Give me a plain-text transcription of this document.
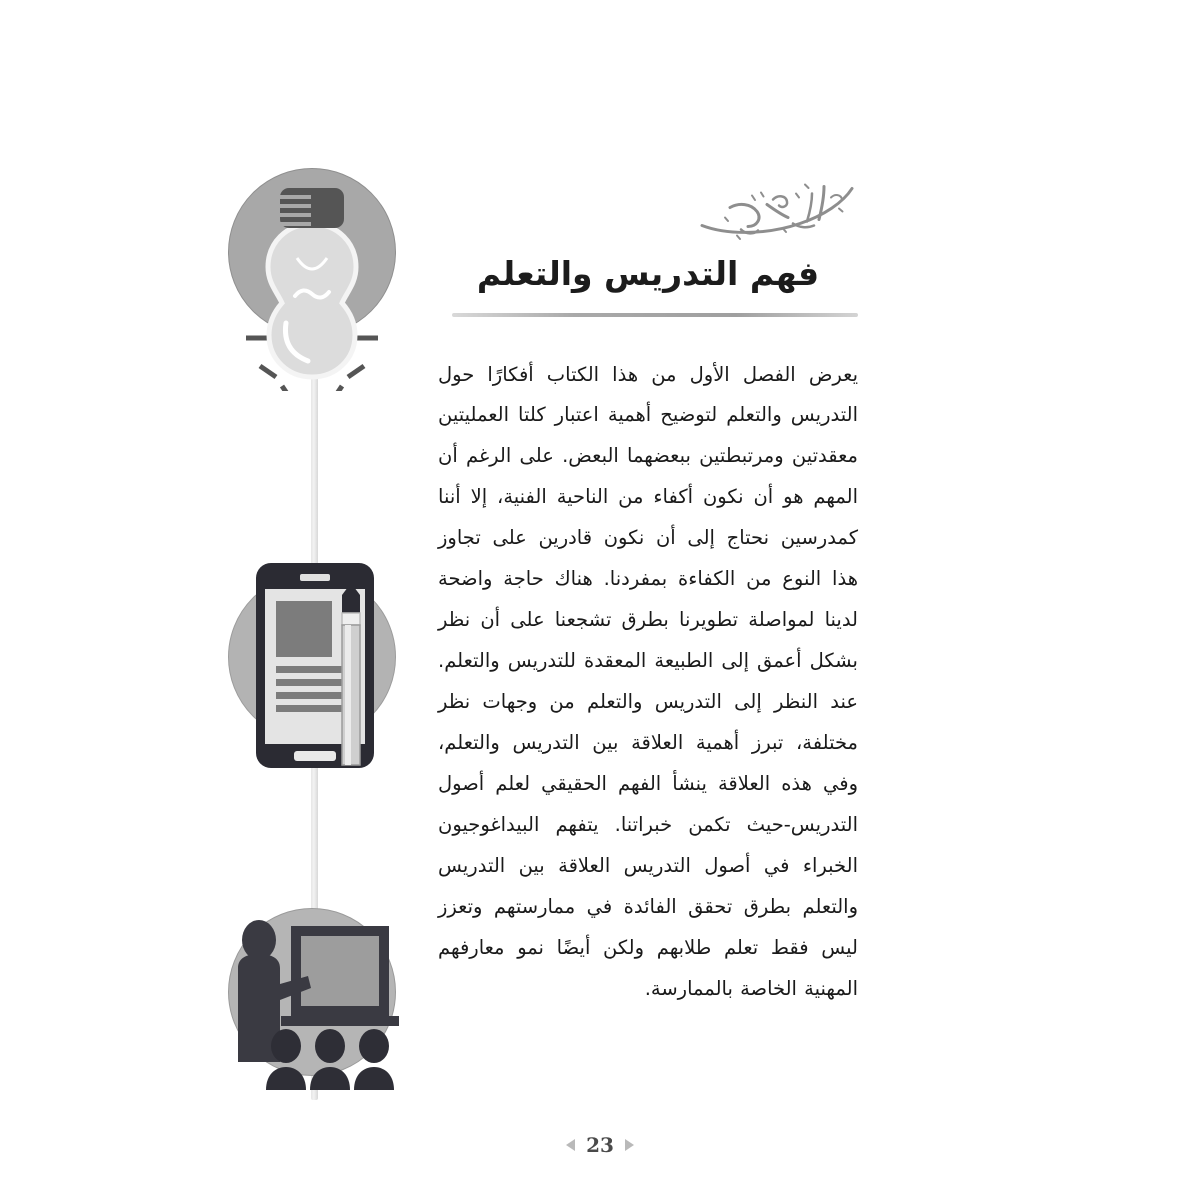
فهم التدريس والتعلم

يعرض الفصل الأول من هذا الكتاب أفكارًا حول التدريس والتعلم لتوضيح أهمية اعتبار كلتا العمليتين معقدتين ومرتبطتين ببعضهما البعض. على الرغم أن المهم هو أن نكون أكفاء من الناحية الفنية، إلا أننا كمدرسين نحتاج إلى أن نكون قادرين على تجاوز هذا النوع من الكفاءة بمفردنا. هناك حاجة واضحة لدينا لمواصلة تطويرنا بطرق تشجعنا على أن نظر بشكل أعمق إلى الطبيعة المعقدة للتدريس والتعلم. عند النظر إلى التدريس والتعلم من وجهات نظر مختلفة، تبرز أهمية العلاقة بين التدريس والتعلم، وفي هذه العلاقة ينشأ الفهم الحقيقي لعلم أصول التدريس-حيث تكمن خبراتنا. يتفهم البيداغوجيون الخبراء في أصول التدريس العلاقة بين التدريس والتعلم بطرق تحقق الفائدة في ممارستهم وتعزز ليس فقط تعلم طلابهم ولكن أيضًا نمو معارفهم المهنية الخاصة بالممارسة.

23
